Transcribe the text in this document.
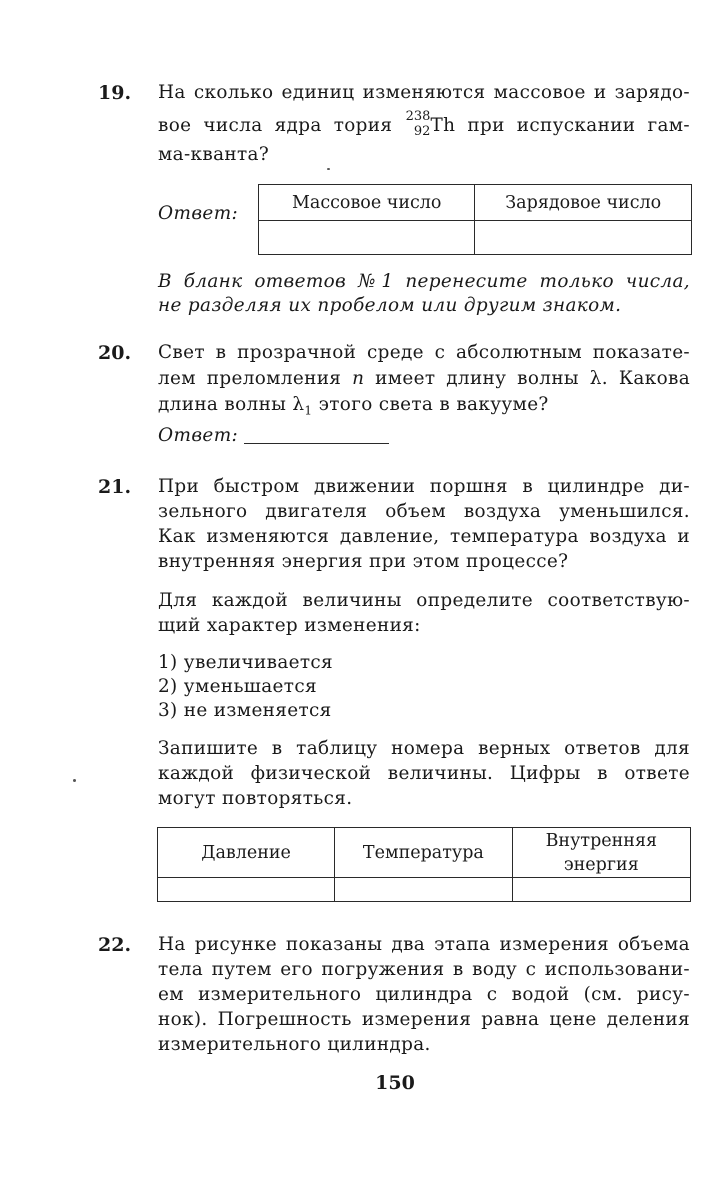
19. На сколько единиц изменяются массовое и зарядо-
вое числа ядра тория 238
92 Th при испускании гам-
ма-кванта?
Ответ:
Массовое число	Зарядовое число

В бланк ответов №1 перенесите только числа,
не разделяя их пробелом или другим знаком.
20. Свет в прозрачной среде с абсолютным показате-
лем преломления n имеет длину волны λ. Какова
длина волны $\lambda_1$ этого света в вакууме?
Ответ:
21. При быстром движении поршня в цилиндре ди-
зельного двигателя объем воздуха уменьшился.
Как изменяются давление, температура воздуха и
внутренняя энергия при этом процессе?
Для каждой величины определите соответствую-
щий характер изменения:
1) увеличивается
2) уменьшается
3) не изменяется
Запишите в таблицу номера верных ответов для
каждой физической величины. Цифры в ответе
могут повторяться.
Давление	Температура	Внутренняя
энергия

22. На рисунке показаны два этапа измерения объема
тела путем его погружения в воду с использовани-
ем измерительного цилиндра с водой (см. рису-
нок). Погрешность измерения равна цене деления
измерительного цилиндра.
150
